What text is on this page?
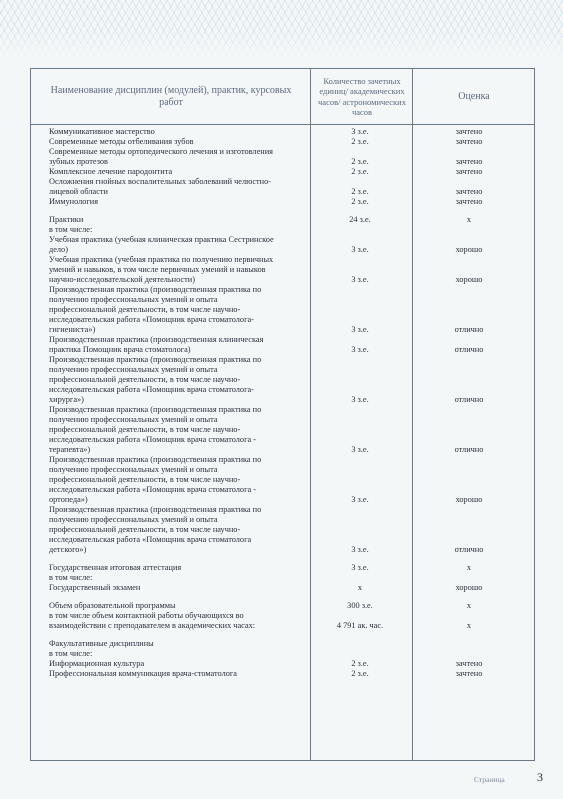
Наименование дисциплин (модулей), практик, курсовых работ
Количество зачетных единиц/ академических часов/ астрономических часов
Оценка
Коммуникативное мастерство	3 з.е.	зачтено
Современные методы отбеливания зубов	2 з.е.	зачтено
Современные методы ортопедического лечения и изготовления
зубных протезов	2 з.е.	зачтено
Комплексное лечение пародонтита	2 з.е.	зачтено
Осложнения гнойных воспалительных заболеваний челюстно-
лицевой области	2 з.е.	зачтено
Иммунология	2 з.е.	зачтено
Практики	24 з.е.	х
в том числе:
Учебная практика (учебная клиническая практика Сестринское
дело)	3 з.е.	хорошо
Учебная практика (учебная практика по получению первичных
умений и навыков, в том числе первичных умений и навыков
научно-исследовательской деятельности)	3 з.е.	хорошо
Производственная практика (производственная практика по
получению профессиональных умений и опыта
профессиональной деятельности, в том числе научно-
исследовательская работа «Помощник врача стоматолога-
гигиениста»)	3 з.е.	отлично
Производственная практика (производственная клиническая
практика Помощник врача стоматолога)	3 з.е.	отлично
Производственная практика (производственная практика по
получению профессиональных умений и опыта
профессиональной деятельности, в том числе научно-
исследовательская работа «Помощник врача стоматолога-
хирурга»)	3 з.е.	отлично
Производственная практика (производственная практика по
получению профессиональных умений и опыта
профессиональной деятельности, в том числе научно-
исследовательская работа «Помощник врача стоматолога -
терапевта»)	3 з.е.	отлично
Производственная практика (производственная практика по
получению профессиональных умений и опыта
профессиональной деятельности, в том числе научно-
исследовательская работа «Помощник врача стоматолога -
ортопеда»)	3 з.е.	хорошо
Производственная практика (производственная практика по
получению профессиональных умений и опыта
профессиональной деятельности, в том числе научно-
исследовательская работа «Помощник врача стоматолога
детского»)	3 з.е.	отлично
Государственная итоговая аттестация	3 з.е.	х
в том числе:
Государственный экзамен	х	хорошо
Объем образовательной программы	300 з.е.	х
в том числе объем контактной работы обучающихся во
взаимодействии с преподавателем в академических часах:	4 791 ак. час.	х
Факультативные дисциплины
в том числе:
Информационная культура	2 з.е.	зачтено
Профессиональная коммуникация врача-стоматолога	2 з.е.	зачтено
Страница	3
